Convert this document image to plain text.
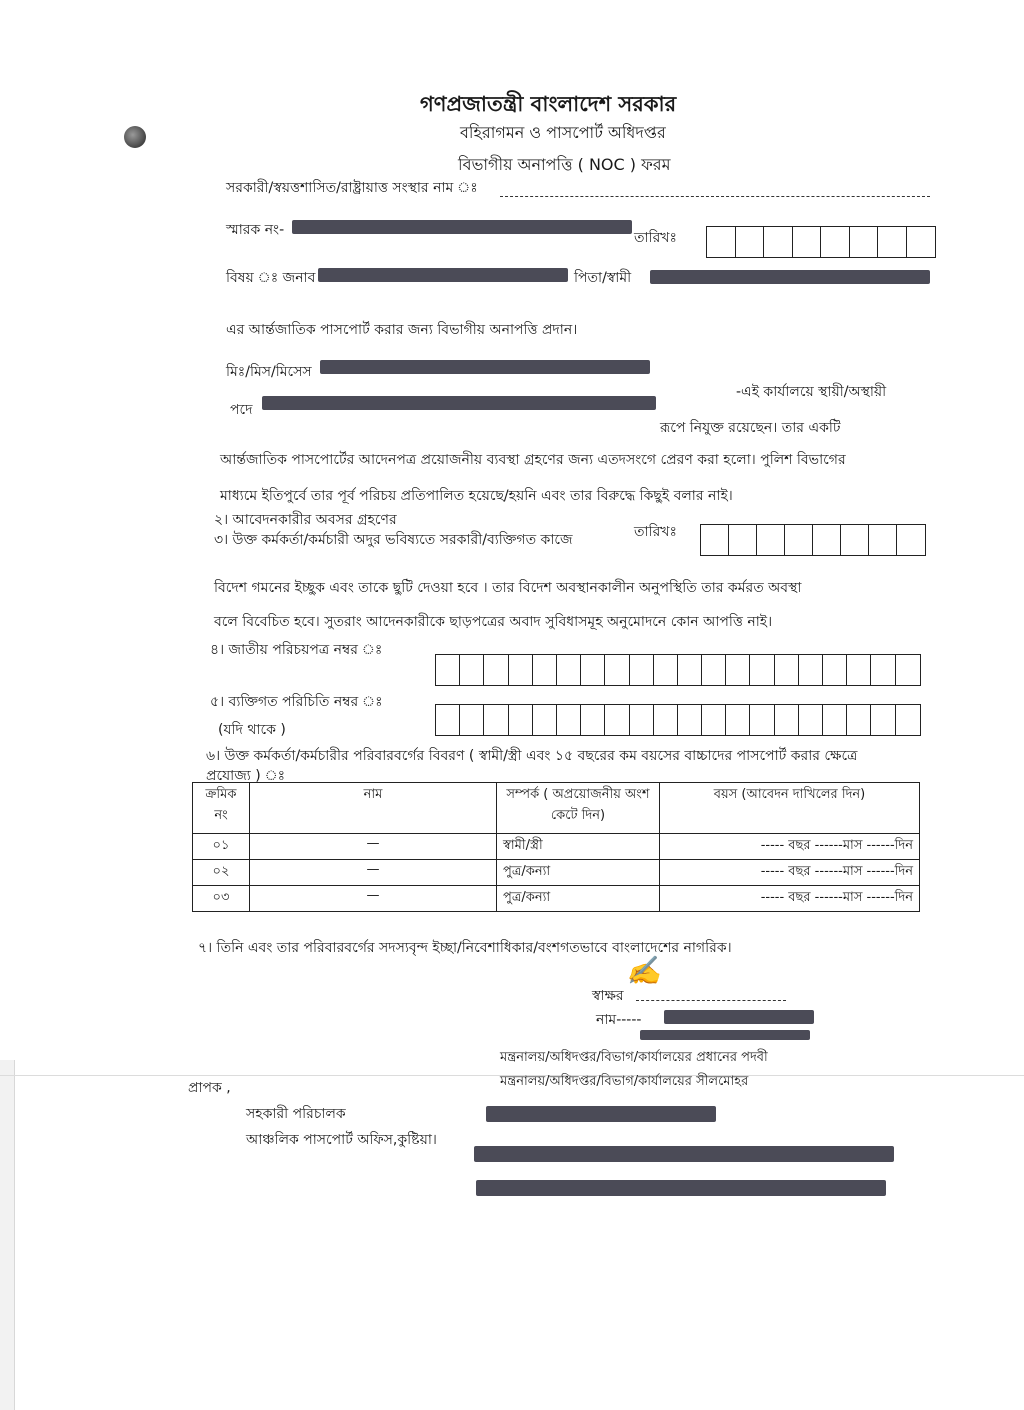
গণপ্রজাতন্ত্রী বাংলাদেশ সরকার
বহিরাগমন ও পাসপোর্ট অধিদপ্তর
বিভাগীয় অনাপত্তি ( NOC ) ফরম
সরকারী/স্বয়ত্তশাসিত/রাষ্ট্রায়াত্ত সংস্থার নাম ঃ
স্মারক নং-	তারিখঃ
বিষয় ঃ জনাব	পিতা/স্বামী
এর আর্ন্তজাতিক পাসপোর্ট করার জন্য বিভাগীয় অনাপত্তি প্রদান।
মিঃ/মিস/মিসেস
-এই কার্যালয়ে স্থায়ী/অস্থায়ী
পদে
রূপে নিযুক্ত রয়েছেন। তার একটি
আর্ন্তজাতিক পাসপোর্টের আদেনপত্র প্রয়োজনীয় ব্যবস্থা গ্রহণের জন্য এতদসংগে প্রেরণ করা হলো। পুলিশ বিভাগের
মাধ্যমে ইতিপুর্বে তার পূর্ব পরিচয় প্রতিপালিত হয়েছে/হয়নি এবং তার বিরুদ্ধে কিছুই বলার নাই।
২। আবেদনকারীর অবসর গ্রহণের
তারিখঃ
৩। উক্ত কর্মকর্তা/কর্মচারী অদুর ভবিষ্যতে সরকারী/ব্যক্তিগত কাজে
বিদেশ গমনের ইচ্ছুক এবং তাকে ছুটি দেওয়া হবে । তার বিদেশ অবস্থানকালীন অনুপস্থিতি তার কর্মরত অবস্থা
বলে বিবেচিত হবে। সুতরাং আদেনকারীকে ছাড়পত্রের অবাদ সুবিধাসমূহ অনুমোদনে কোন আপত্তি নাই।
৪। জাতীয় পরিচয়পত্র নম্বর ঃ
৫। ব্যক্তিগত পরিচিতি নম্বর ঃ
(যদি থাকে )
৬। উক্ত কর্মকর্তা/কর্মচারীর পরিবারবর্গের বিবরণ ( স্বামী/স্ত্রী এবং ১৫ বছরের কম বয়সের বাচ্চাদের পাসপোর্ট করার ক্ষেত্রে
প্রযোজ্য ) ঃ
ক্রমিক নং	নাম	সম্পর্ক ( অপ্রয়োজনীয় অংশ কেটে দিন)	বয়স (আবেদন দাখিলের দিন)
০১	—	স্বামী/স্ত্রী	----- বছর ------মাস ------দিন
০২	—	পুত্র/কন্যা	----- বছর ------মাস ------দিন
০৩	—	পুত্র/কন্যা	----- বছর ------মাস ------দিন
৭। তিনি এবং তার পরিবারবর্গের সদস্যবৃন্দ ইচ্ছা/নিবেশাধিকার/বংশগতভাবে বাংলাদেশের নাগরিক।
✍
স্বাক্ষর
নাম-----
মন্ত্রনালয়/অধিদপ্তর/বিভাগ/কার্যালয়ের প্রধানের পদবী
মন্ত্রনালয়/অধিদপ্তর/বিভাগ/কার্যালয়ের সীলমোহর
প্রাপক ,
সহকারী পরিচালক
আঞ্চলিক পাসপোর্ট অফিস,কুষ্টিয়া।
